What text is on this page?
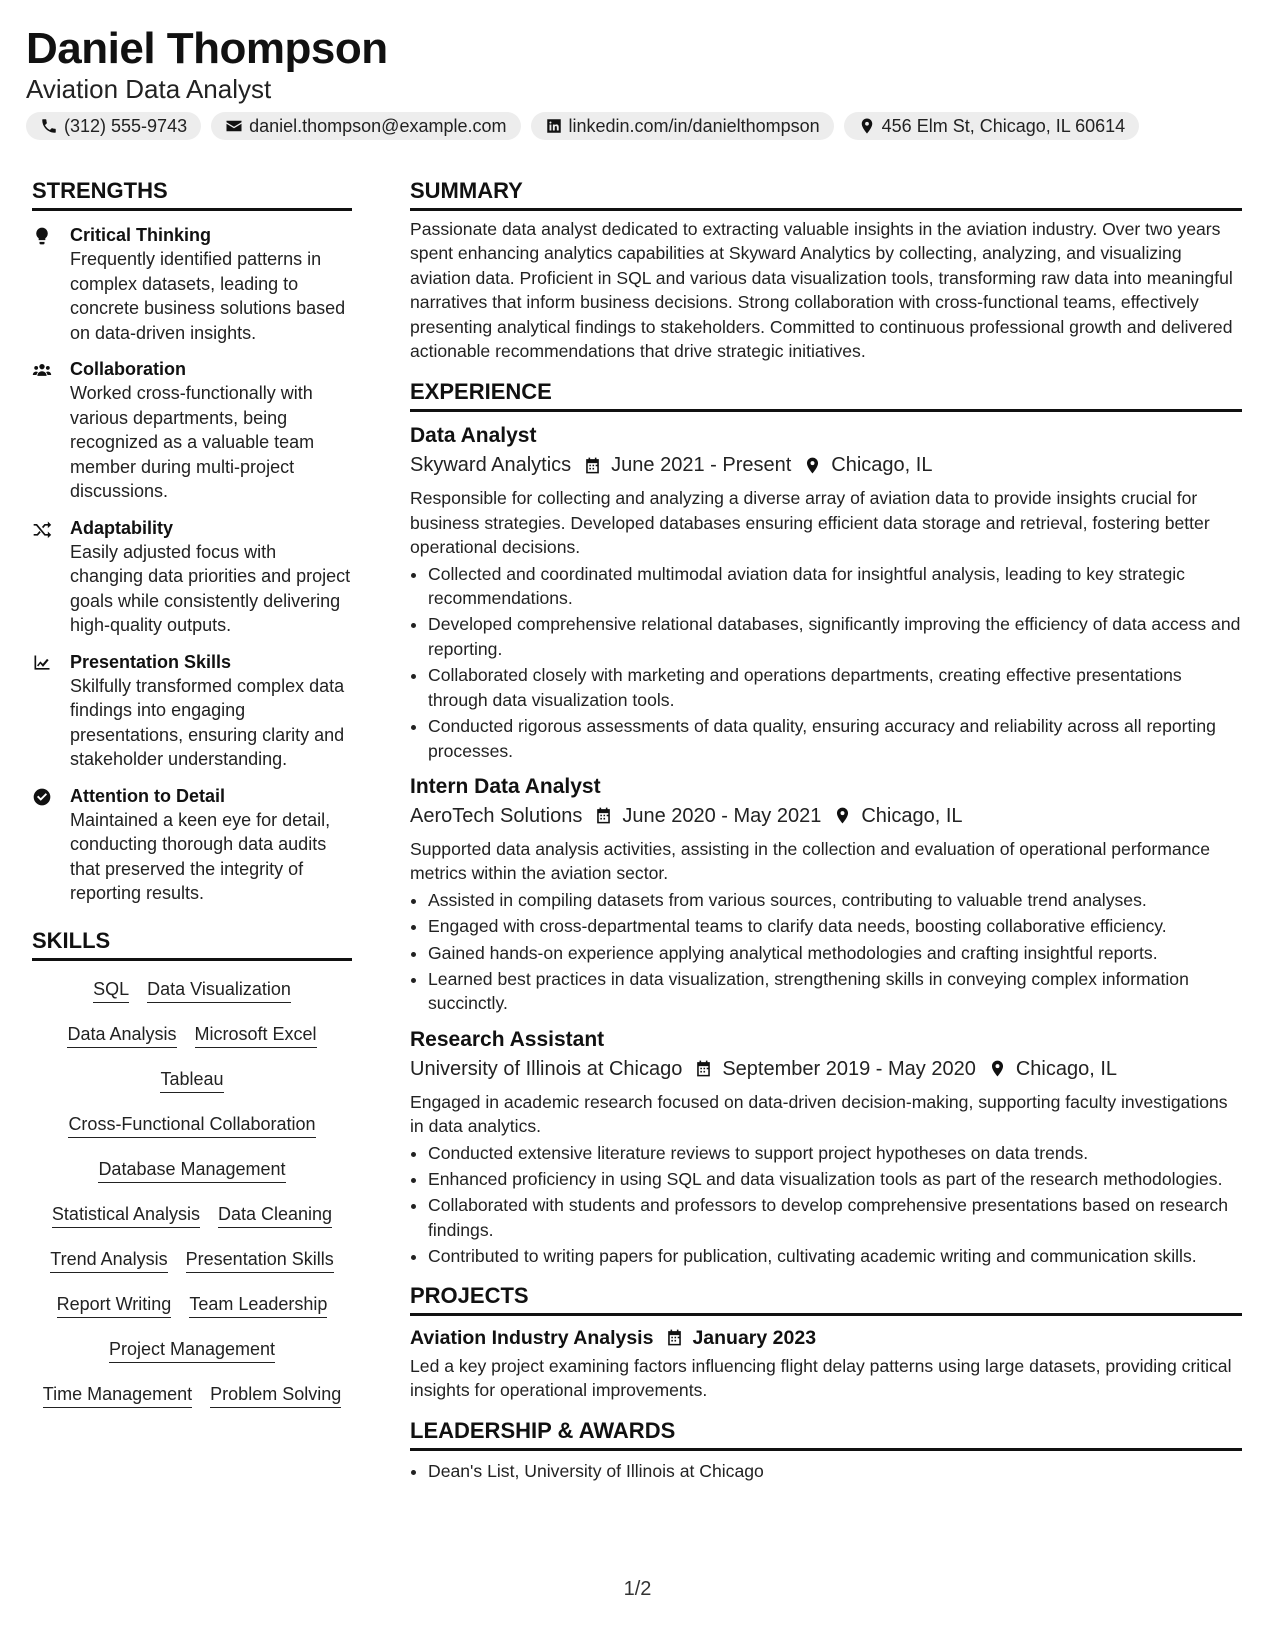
Daniel Thompson
Aviation Data Analyst
(312) 555-9743	daniel.thompson@example.com	linkedin.com/in/danielthompson	456 Elm St, Chicago, IL 60614
STRENGTHS
Critical Thinking
Frequently identified patterns in complex datasets, leading to concrete business solutions based on data-driven insights.
Collaboration
Worked cross-functionally with various departments, being recognized as a valuable team member during multi-project discussions.
Adaptability
Easily adjusted focus with changing data priorities and project goals while consistently delivering high-quality outputs.
Presentation Skills
Skilfully transformed complex data findings into engaging presentations, ensuring clarity and stakeholder understanding.
Attention to Detail
Maintained a keen eye for detail, conducting thorough data audits that preserved the integrity of reporting results.
SKILLS
SQL Data Visualization
Data Analysis Microsoft Excel
Tableau
Cross-Functional Collaboration
Database Management
Statistical Analysis Data Cleaning
Trend Analysis Presentation Skills
Report Writing Team Leadership
Project Management
Time Management Problem Solving
SUMMARY
Passionate data analyst dedicated to extracting valuable insights in the aviation industry. Over two years spent enhancing analytics capabilities at Skyward Analytics by collecting, analyzing, and visualizing aviation data. Proficient in SQL and various data visualization tools, transforming raw data into meaningful narratives that inform business decisions. Strong collaboration with cross-functional teams, effectively presenting analytical findings to stakeholders. Committed to continuous professional growth and delivered actionable recommendations that drive strategic initiatives.
EXPERIENCE
Data Analyst
Skyward Analytics June 2021 - Present Chicago, IL
Responsible for collecting and analyzing a diverse array of aviation data to provide insights crucial for business strategies. Developed databases ensuring efficient data storage and retrieval, fostering better operational decisions.
• Collected and coordinated multimodal aviation data for insightful analysis, leading to key strategic recommendations.
• Developed comprehensive relational databases, significantly improving the efficiency of data access and reporting.
• Collaborated closely with marketing and operations departments, creating effective presentations through data visualization tools.
• Conducted rigorous assessments of data quality, ensuring accuracy and reliability across all reporting processes.
Intern Data Analyst
AeroTech Solutions June 2020 - May 2021 Chicago, IL
Supported data analysis activities, assisting in the collection and evaluation of operational performance metrics within the aviation sector.
• Assisted in compiling datasets from various sources, contributing to valuable trend analyses.
• Engaged with cross-departmental teams to clarify data needs, boosting collaborative efficiency.
• Gained hands-on experience applying analytical methodologies and crafting insightful reports.
• Learned best practices in data visualization, strengthening skills in conveying complex information succinctly.
Research Assistant
University of Illinois at Chicago September 2019 - May 2020 Chicago, IL
Engaged in academic research focused on data-driven decision-making, supporting faculty investigations in data analytics.
• Conducted extensive literature reviews to support project hypotheses on data trends.
• Enhanced proficiency in using SQL and data visualization tools as part of the research methodologies.
• Collaborated with students and professors to develop comprehensive presentations based on research findings.
• Contributed to writing papers for publication, cultivating academic writing and communication skills.
PROJECTS
Aviation Industry Analysis January 2023
Led a key project examining factors influencing flight delay patterns using large datasets, providing critical insights for operational improvements.
LEADERSHIP & AWARDS
• Dean's List, University of Illinois at Chicago
1/2
